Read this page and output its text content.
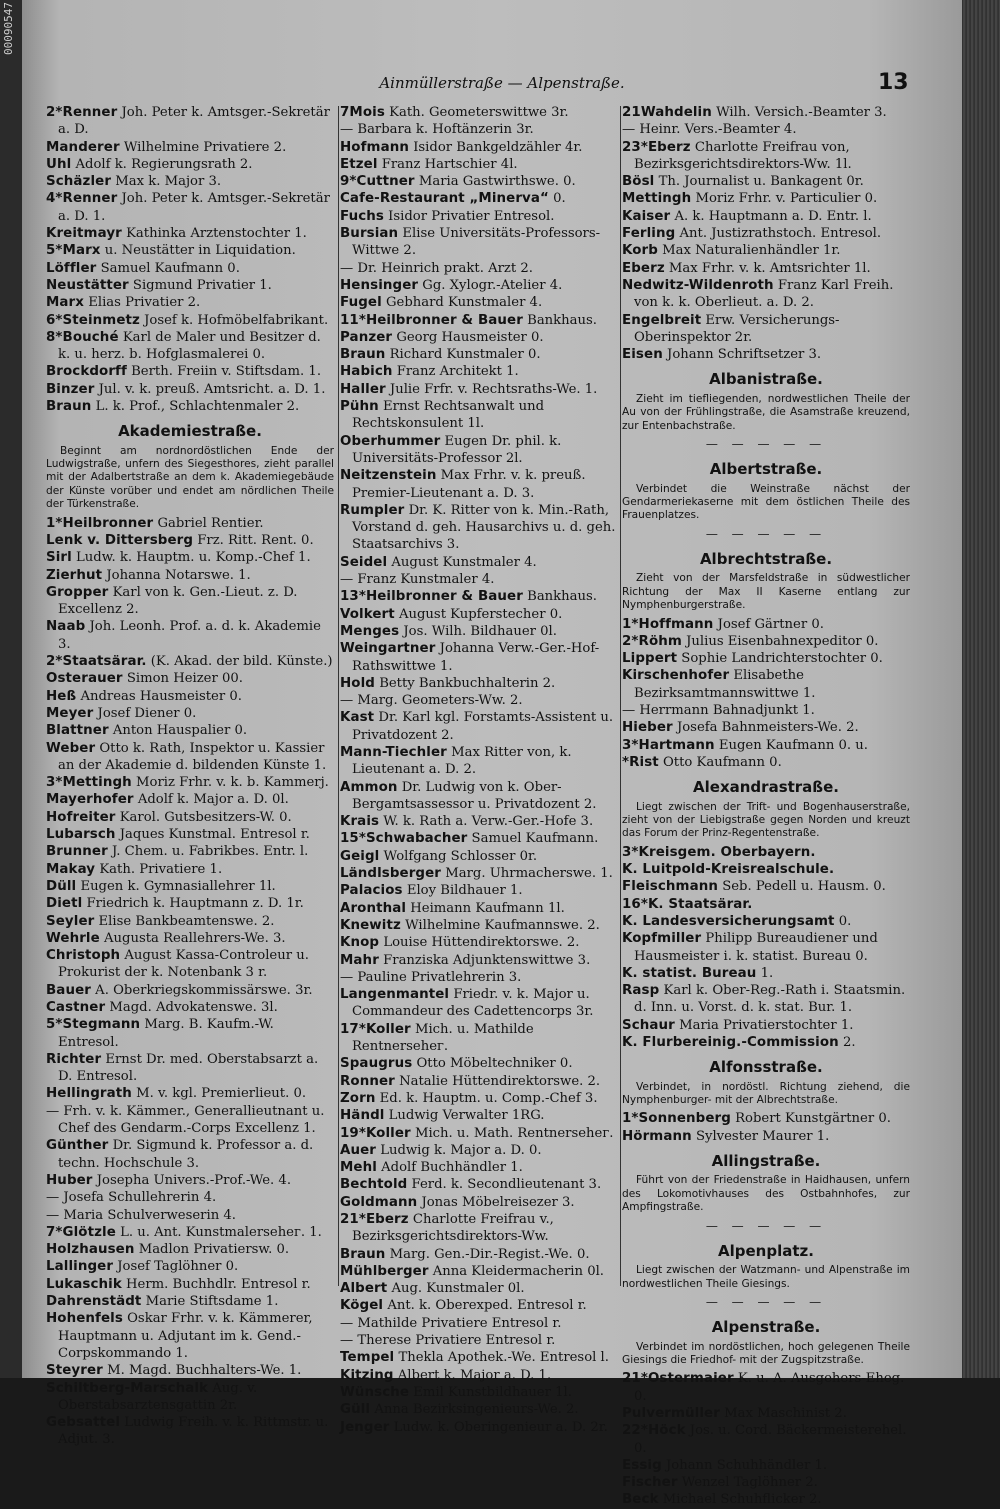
00090547
Ainmüllerstraße — Alpenstraße.	13
2*Renner Joh. Peter k. Amtsger.-Sekretär a. D.
Manderer Wilhelmine Privatiere 2.
Uhl Adolf k. Regierungsrath 2.
Schäzler Max k. Major 3.
4*Renner Joh. Peter k. Amtsger.-Sekretär a. D. 1.
Kreitmayr Kathinka Arztenstochter 1.
5*Marx u. Neustätter in Liquidation.
Löffler Samuel Kaufmann 0.
Neustätter Sigmund Privatier 1.
Marx Elias Privatier 2.
6*Steinmetz Josef k. Hofmöbelfabrikant.
8*Bouché Karl de Maler und Besitzer d. k. u. herz. b. Hofglasmalerei 0.
Brockdorff Berth. Freiin v. Stiftsdam. 1.
Binzer Jul. v. k. preuß. Amtsricht. a. D. 1.
Braun L. k. Prof., Schlachtenmaler 2.
Akademiestraße.
Beginnt am nordnordöstlichen Ende der Ludwigstraße, unfern des Siegesthores, zieht parallel mit der Adalbertstraße an dem k. Akademiegebäude der Künste vorüber und endet am nördlichen Theile der Türkenstraße.
1*Heilbronner Gabriel Rentier.
Lenk v. Dittersberg Frz. Ritt. Rent. 0.
Sirl Ludw. k. Hauptm. u. Komp.-Chef 1.
Zierhut Johanna Notarswe. 1.
Gropper Karl von k. Gen.-Lieut. z. D. Excellenz 2.
Naab Joh. Leonh. Prof. a. d. k. Akademie 3.
2*Staatsärar. (K. Akad. der bild. Künste.)
Osterauer Simon Heizer 00.
Heß Andreas Hausmeister 0.
Meyer Josef Diener 0.
Blattner Anton Hauspalier 0.
Weber Otto k. Rath, Inspektor u. Kassier an der Akademie d. bildenden Künste 1.
3*Mettingh Moriz Frhr. v. k. b. Kammerj.
Mayerhofer Adolf k. Major a. D. 0l.
Hofreiter Karol. Gutsbesitzers-W. 0.
Lubarsch Jaques Kunstmal. Entresol r.
Brunner J. Chem. u. Fabrikbes. Entr. l.
Makay Kath. Privatiere 1.
Düll Eugen k. Gymnasiallehrer 1l.
Dietl Friedrich k. Hauptmann z. D. 1r.
Seyler Elise Bankbeamtenswe. 2.
Wehrle Augusta Reallehrers-We. 3.
Christoph August Kassa-Controleur u. Prokurist der k. Notenbank 3 r.
Bauer A. Oberkriegskommissärswe. 3r.
Castner Magd. Advokatenswe. 3l.
5*Stegmann Marg. B. Kaufm.-W. Entresol.
Richter Ernst Dr. med. Oberstabsarzt a. D. Entresol.
Hellingrath M. v. kgl. Premierlieut. 0.
— Frh. v. k. Kämmer., Generallieutnant u. Chef des Gendarm.-Corps Excellenz 1.
Günther Dr. Sigmund k. Professor a. d. techn. Hochschule 3.
Huber Josepha Univers.-Prof.-We. 4.
— Josefa Schullehrerin 4.
— Maria Schulverweserin 4.
7*Glötzle L. u. Ant. Kunstmalersehег. 1.
Holzhausen Madlon Privatiersw. 0.
Lallinger Josef Taglöhner 0.
Lukaschik Herm. Buchhdlr. Entresol r.
Dahrenstädt Marie Stiftsdame 1.
Hohenfels Oskar Frhr. v. k. Kämmerer, Hauptmann u. Adjutant im k. Gend.-Corpskommando 1.
Steyrer M. Magd. Buchhalters-We. 1.
Schiltberg-Marschalk Aug. v. Oberstabsarztensgattin 2r.
Gebsattel Ludwig Freih. v. k. Rittmstr. u. Adjut. 3.
7Mois Kath. Geometerswittwe 3r.
— Barbara k. Hoftänzerin 3r.
Hofmann Isidor Bankgeldzähler 4r.
Etzel Franz Hartschier 4l.
9*Cuttner Maria Gastwirthswe. 0.
Cafe-Restaurant „Minerva“ 0.
Fuchs Isidor Privatier Entresol.
Bursian Elise Universitäts-Professors-Wittwe 2.
— Dr. Heinrich prakt. Arzt 2.
Hensinger Gg. Xylogr.-Atelier 4.
Fugel Gebhard Kunstmaler 4.
11*Heilbronner & Bauer Bankhaus.
Panzer Georg Hausmeister 0.
Braun Richard Kunstmaler 0.
Habich Franz Architekt 1.
Haller Julie Frfr. v. Rechtsraths-We. 1.
Pühn Ernst Rechtsanwalt und Rechtskonsulent 1l.
Oberhummer Eugen Dr. phil. k. Universitäts-Professor 2l.
Neitzenstein Max Frhr. v. k. preuß. Premier-Lieutenant a. D. 3.
Rumpler Dr. K. Ritter von k. Min.-Rath, Vorstand d. geh. Hausarchivs u. d. geh. Staatsarchivs 3.
Seidel August Kunstmaler 4.
— Franz Kunstmaler 4.
13*Heilbronner & Bauer Bankhaus.
Volkert August Kupferstecher 0.
Menges Jos. Wilh. Bildhauer 0l.
Weingartner Johanna Verw.-Ger.-Hof-Rathswittwe 1.
Hold Betty Bankbuchhalterin 2.
— Marg. Geometers-Ww. 2.
Kast Dr. Karl kgl. Forstamts-Assistent u. Privatdozent 2.
Mann-Tiechler Max Ritter von, k. Lieutenant a. D. 2.
Ammon Dr. Ludwig von k. Ober-Bergamtsassessor u. Privatdozent 2.
Krais W. k. Rath a. Verw.-Ger.-Hofe 3.
15*Schwabacher Samuel Kaufmann.
Geigl Wolfgang Schlosser 0r.
Ländlsberger Marg. Uhrmacherswe. 1.
Palacios Eloy Bildhauer 1.
Aronthal Heimann Kaufmann 1l.
Knewitz Wilhelmine Kaufmannswe. 2.
Knop Louise Hüttendirektorswe. 2.
Mahr Franziska Adjunktenswittwe 3.
— Pauline Privatlehrerin 3.
Langenmantel Friedr. v. k. Major u. Commandeur des Cadettencorps 3r.
17*Koller Mich. u. Mathilde Rentnersehег.
Spaugrus Otto Möbeltechniker 0.
Ronner Natalie Hüttendirektorswe. 2.
Zorn Ed. k. Hauptm. u. Comp.-Chef 3.
Händl Ludwig Verwalter 1RG.
19*Koller Mich. u. Math. Rentnersehег.
Auer Ludwig k. Major a. D. 0.
Mehl Adolf Buchhändler 1.
Bechtold Ferd. k. Secondlieutenant 3.
Goldmann Jonas Möbelreisezer 3.
21*Eberz Charlotte Freifrau v., Bezirksgerichtsdirektors-Ww.
Braun Marg. Gen.-Dir.-Regist.-We. 0.
Mühlberger Anna Kleidermacherin 0l.
Albert Aug. Kunstmaler 0l.
Kögel Ant. k. Oberexped. Entresol r.
— Mathilde Privatiere Entresol r.
— Therese Privatiere Entresol r.
Tempel Thekla Apothek.-We. Entresol l.
Kitzing Albert k. Major a. D. 1.
Wünsche Emil Kunstbildhauer 1l.
Güll Anna Bezirksingenieurs-We. 2.
Jenger Ludw. k. Oberingenieur a. D. 2r.
21Wahdelin Wilh. Versich.-Beamter 3.
— Heinr. Vers.-Beamter 4.
23*Eberz Charlotte Freifrau von, Bezirksgerichtsdirektors-Ww. 1l.
Bösl Th. Journalist u. Bankagent 0r.
Mettingh Moriz Frhr. v. Particulier 0.
Kaiser A. k. Hauptmann a. D. Entr. l.
Ferling Ant. Justizrathstoch. Entresol.
Korb Max Naturalienhändler 1r.
Eberz Max Frhr. v. k. Amtsrichter 1l.
Nedwitz-Wildenroth Franz Karl Freih. von k. k. Oberlieut. a. D. 2.
Engelbreit Erw. Versicherungs-Oberinspektor 2r.
Eisen Johann Schriftsetzer 3.
Albanistraße.
Zieht im tiefliegenden, nordwestlichen Theile der Au von der Frühlingstraße, die Asamstraße kreuzend, zur Entenbachstraße.
— — — — —
Albertstraße.
Verbindet die Weinstraße nächst der Gendarmeriekaserne mit dem östlichen Theile des Frauenplatzes.
— — — — —
Albrechtstraße.
Zieht von der Marsfeldstraße in südwestlicher Richtung der Max II Kaserne entlang zur Nymphenburgerstraße.
1*Hoffmann Josef Gärtner 0.
2*Röhm Julius Eisenbahnexpeditor 0.
Lippert Sophie Landrichterstochter 0.
Kirschenhofer Elisabethe Bezirksamtmannswittwe 1.
— Herrmann Bahnadjunkt 1.
Hieber Josefa Bahnmeisters-We. 2.
3*Hartmann Eugen Kaufmann 0. u.
*Rist Otto Kaufmann 0.
Alexandrastraße.
Liegt zwischen der Trift- und Bogenhauserstraße, zieht von der Liebigstraße gegen Norden und kreuzt das Forum der Prinz-Regentenstraße.
3*Kreisgem. Oberbayern.
K. Luitpold-Kreisrealschule.
Fleischmann Seb. Pedell u. Hausm. 0.
16*K. Staatsärar.
K. Landesversicherungsamt 0.
Kopfmiller Philipp Bureaudiener und Hausmeister i. k. statist. Bureau 0.
K. statist. Bureau 1.
Rasp Karl k. Ober-Reg.-Rath i. Staatsmin. d. Inn. u. Vorst. d. k. stat. Bur. 1.
Schaur Maria Privatierstochter 1.
K. Flurbereinig.-Commission 2.
Alfonsstraße.
Verbindet, in nordöstl. Richtung ziehend, die Nymphenburger- mit der Albrechtstraße.
1*Sonnenberg Robert Kunstgärtner 0.
Hörmann Sylvester Maurer 1.
Allingstraße.
Führt von der Friedenstraße in Haidhausen, unfern des Lokomotivhauses des Ostbahnhofes, zur Ampfingstraße.
— — — — —
Alpenplatz.
Liegt zwischen der Watzmann- und Alpenstraße im nordwestlichen Theile Giesings.
— — — — —
Alpenstraße.
Verbindet im nordöstlichen, hoch gelegenen Theile Giesings die Friedhof- mit der Zugspitzstraße.
21*Ostermaier K. u. A. Ausgehers-Eheg. 0.
Pulvermüller Max Maschinist 2.
22*Höck Jos. u. Cord. Bäckermeisterehel. 0.
Essig Johann Schuhhändler 1.
Fischer Wenzel Taglöhner 2.
Beck Michael Schuhflicker 2.
